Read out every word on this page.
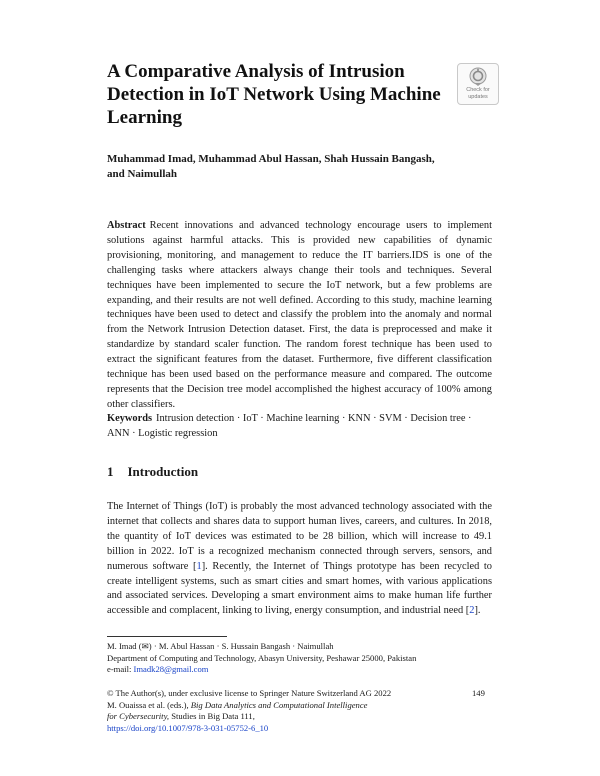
A Comparative Analysis of Intrusion Detection in IoT Network Using Machine Learning
Check for
updates
Muhammad Imad, Muhammad Abul Hassan, Shah Hussain Bangash,
and Naimullah
Abstract Recent innovations and advanced technology encourage users to implement solutions against harmful attacks. This is provided new capabilities of dynamic provisioning, monitoring, and management to reduce the IT barriers.IDS is one of the challenging tasks where attackers always change their tools and techniques. Several techniques have been implemented to secure the IoT network, but a few problems are expanding, and their results are not well defined. According to this study, machine learning techniques have been used to detect and classify the problem into the anomaly and normal from the Network Intrusion Detection dataset. First, the data is preprocessed and make it standardize by standard scaler function. The random forest technique has been used to extract the significant features from the dataset. Furthermore, five different classification technique has been used based on the performance measure and compared. The outcome represents that the Decision tree model accomplished the highest accuracy of 100% among other classifiers.
Keywords Intrusion detection · IoT · Machine learning · KNN · SVM · Decision tree · ANN · Logistic regression
1 Introduction
The Internet of Things (IoT) is probably the most advanced technology associated with the internet that collects and shares data to support human lives, careers, and cultures. In 2018, the quantity of IoT devices was estimated to be 28 billion, which will increase to 49.1 billion in 2022. IoT is a recognized mechanism connected through servers, sensors, and numerous software [1]. Recently, the Internet of Things prototype has been recycled to create intelligent systems, such as smart cities and smart homes, with various applications and associated services. Developing a smart environment aims to make human life further accessible and complacent, linking to living, energy consumption, and industrial need [2].
M. Imad (✉) · M. Abul Hassan · S. Hussain Bangash · Naimullah
Department of Computing and Technology, Abasyn University, Peshawar 25000, Pakistan
e-mail: Imadk28@gmail.com
© The Author(s), under exclusive license to Springer Nature Switzerland AG 2022
M. Ouaissa et al. (eds.), Big Data Analytics and Computational Intelligence
for Cybersecurity, Studies in Big Data 111,
https://doi.org/10.1007/978-3-031-05752-6_10
149
